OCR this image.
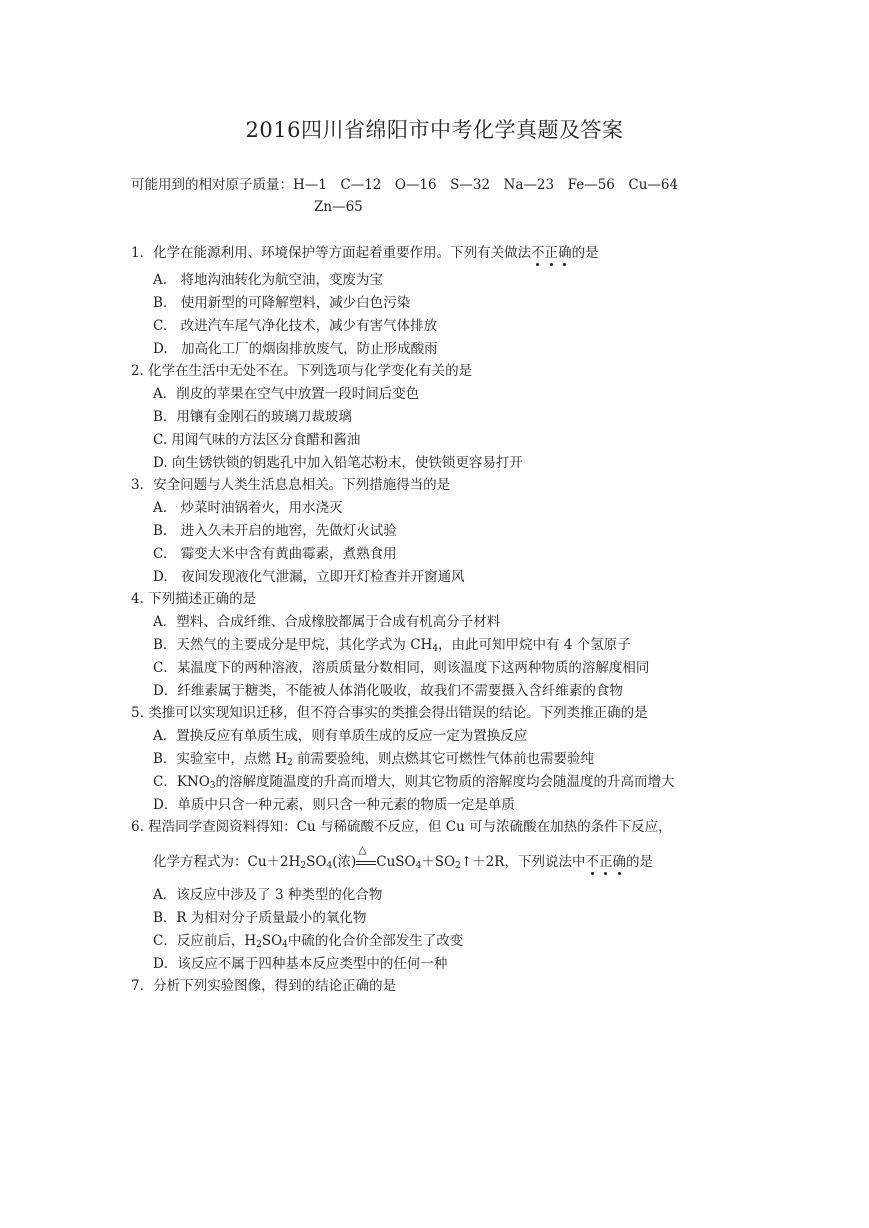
2016四川省绵阳市中考化学真题及答案
可能用到的相对原子质量：H—1　C—12　O—16　S—32　Na—23　Fe—56　Cu—64
Zn—65
1．化学在能源利用、环境保护等方面起着重要作用。下列有关做法不正确的是
A.　将地沟油转化为航空油，变废为宝
B.　使用新型的可降解塑料，减少白色污染
C.　改进汽车尾气净化技术，减少有害气体排放
D.　加高化工厂的烟囱排放废气，防止形成酸雨
2. 化学在生活中无处不在。下列选项与化学变化有关的是
A．削皮的苹果在空气中放置一段时间后变色
B．用镶有金刚石的玻璃刀裁玻璃
C. 用闻气味的方法区分食醋和酱油
D. 向生锈铁锁的钥匙孔中加入铅笔芯粉末，使铁锁更容易打开
3．安全问题与人类生活息息相关。下列措施得当的是
A.　炒菜时油锅着火，用水浇灭
B.　进入久未开启的地窖，先做灯火试验
C.　霉变大米中含有黄曲霉素，煮熟食用
D.　夜间发现液化气泄漏，立即开灯检查并开窗通风
4. 下列描述正确的是
A．塑料、合成纤维、合成橡胶都属于合成有机高分子材料
B．天然气的主要成分是甲烷，其化学式为 $CH_4$，由此可知甲烷中有 4 个氢原子
C．某温度下的两种溶液，溶质质量分数相同，则该温度下这两种物质的溶解度相同
D．纤维素属于糖类，不能被人体消化吸收，故我们不需要摄入含纤维素的食物
5. 类推可以实现知识迁移，但不符合事实的类推会得出错误的结论。下列类推正确的是
A．置换反应有单质生成，则有单质生成的反应一定为置换反应
B．实验室中，点燃 $H_2$ 前需要验纯，则点燃其它可燃性气体前也需要验纯
C．$KNO_3$的溶解度随温度的升高而增大，则其它物质的溶解度均会随温度的升高而增大
D．单质中只含一种元素，则只含一种元素的物质一定是单质
6. 程浩同学查阅资料得知：Cu 与稀硫酸不反应，但 Cu 可与浓硫酸在加热的条件下反应，
化学方程式为：$Cu+2H_2SO_4$(浓)
△
$CuSO_4+SO_2↑+2R$，下列说法中不正确的是
A．该反应中涉及了 3 种类型的化合物
B．R 为相对分子质量最小的氧化物
C．反应前后，$H_2SO_4$中硫的化合价全部发生了改变
D．该反应不属于四种基本反应类型中的任何一种
7．分析下列实验图像，得到的结论正确的是
